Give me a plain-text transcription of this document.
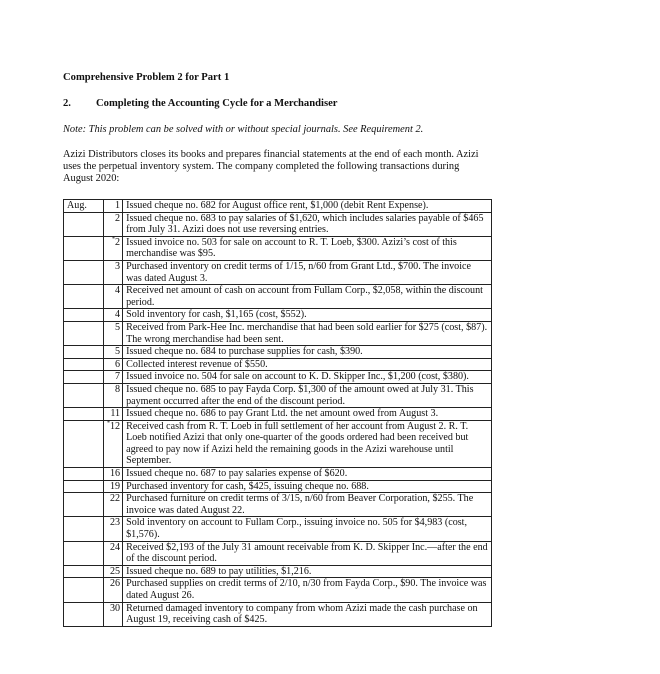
Comprehensive Problem 2 for Part 1
2. Completing the Accounting Cycle for a Merchandiser
Note: This problem can be solved with or without special journals. See Requirement 2.
Azizi Distributors closes its books and prepares financial statements at the end of each month. Azizi uses the perpetual inventory system. The company completed the following transactions during August 2020:
Aug.	1	Issued cheque no. 682 for August office rent, $1,000 (debit Rent Expense).
	2	Issued cheque no. 683 to pay salaries of $1,620, which includes salaries payable of $465 from July 31. Azizi does not use reversing entries.
	*2	Issued invoice no. 503 for sale on account to R. T. Loeb, $300. Azizi’s cost of this merchandise was $95.
	3	Purchased inventory on credit terms of 1/15, n/60 from Grant Ltd., $700. The invoice was dated August 3.
	4	Received net amount of cash on account from Fullam Corp., $2,058, within the discount period.
	4	Sold inventory for cash, $1,165 (cost, $552).
	5	Received from Park-Hee Inc. merchandise that had been sold earlier for $275 (cost, $87). The wrong merchandise had been sent.
	5	Issued cheque no. 684 to purchase supplies for cash, $390.
	6	Collected interest revenue of $550.
	7	Issued invoice no. 504 for sale on account to K. D. Skipper Inc., $1,200 (cost, $380).
	8	Issued cheque no. 685 to pay Fayda Corp. $1,300 of the amount owed at July 31. This payment occurred after the end of the discount period.
	11	Issued cheque no. 686 to pay Grant Ltd. the net amount owed from August 3.
	*12	Received cash from R. T. Loeb in full settlement of her account from August 2. R. T. Loeb notified Azizi that only one-quarter of the goods ordered had been received but agreed to pay now if Azizi held the remaining goods in the Azizi warehouse until September.
	16	Issued cheque no. 687 to pay salaries expense of $620.
	19	Purchased inventory for cash, $425, issuing cheque no. 688.
	22	Purchased furniture on credit terms of 3/15, n/60 from Beaver Corporation, $255. The invoice was dated August 22.
	23	Sold inventory on account to Fullam Corp., issuing invoice no. 505 for $4,983 (cost, $1,576).
	24	Received $2,193 of the July 31 amount receivable from K. D. Skipper Inc.—after the end of the discount period.
	25	Issued cheque no. 689 to pay utilities, $1,216.
	26	Purchased supplies on credit terms of 2/10, n/30 from Fayda Corp., $90. The invoice was dated August 26.
	30	Returned damaged inventory to company from whom Azizi made the cash purchase on August 19, receiving cash of $425.
